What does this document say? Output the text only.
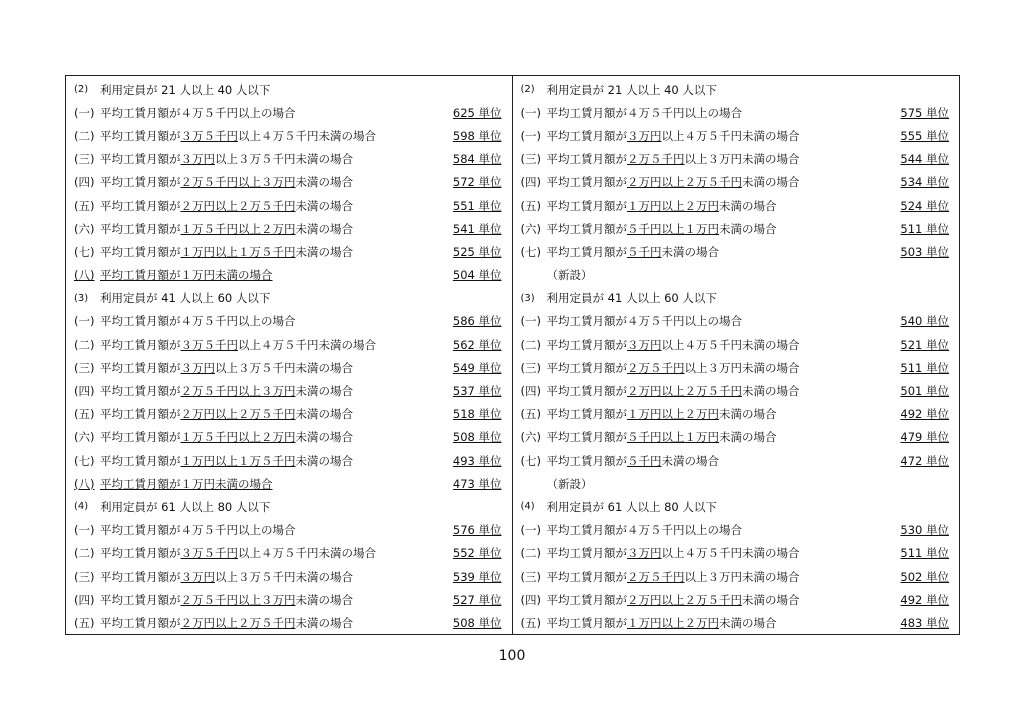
(2)	利用定員が 21 人以上 40 人以下
(一) 平均工賃月額が４万５千円以上の場合	625 単位
(二) 平均工賃月額が３万５千円以上４万５千円未満の場合	598 単位
(三) 平均工賃月額が３万円以上３万５千円未満の場合	584 単位
(四) 平均工賃月額が２万５千円以上３万円未満の場合	572 単位
(五) 平均工賃月額が２万円以上２万５千円未満の場合	551 単位
(六) 平均工賃月額が１万５千円以上２万円未満の場合	541 単位
(七) 平均工賃月額が１万円以上１万５千円未満の場合	525 単位
(八) 平均工賃月額が１万円未満の場合	504 単位
(3)	利用定員が 41 人以上 60 人以下
(一) 平均工賃月額が４万５千円以上の場合	586 単位
(二) 平均工賃月額が３万５千円以上４万５千円未満の場合	562 単位
(三) 平均工賃月額が３万円以上３万５千円未満の場合	549 単位
(四) 平均工賃月額が２万５千円以上３万円未満の場合	537 単位
(五) 平均工賃月額が２万円以上２万５千円未満の場合	518 単位
(六) 平均工賃月額が１万５千円以上２万円未満の場合	508 単位
(七) 平均工賃月額が１万円以上１万５千円未満の場合	493 単位
(八) 平均工賃月額が１万円未満の場合	473 単位
(4)	利用定員が 61 人以上 80 人以下
(一) 平均工賃月額が４万５千円以上の場合	576 単位
(二) 平均工賃月額が３万５千円以上４万５千円未満の場合	552 単位
(三) 平均工賃月額が３万円以上３万５千円未満の場合	539 単位
(四) 平均工賃月額が２万５千円以上３万円未満の場合	527 単位
(五) 平均工賃月額が２万円以上２万５千円未満の場合	508 単位
(2)	利用定員が 21 人以上 40 人以下
(一) 平均工賃月額が４万５千円以上の場合	575 単位
(一) 平均工賃月額が３万円以上４万５千円未満の場合	555 単位
(三) 平均工賃月額が２万５千円以上３万円未満の場合	544 単位
(四) 平均工賃月額が２万円以上２万５千円未満の場合	534 単位
(五) 平均工賃月額が１万円以上２万円未満の場合	524 単位
(六) 平均工賃月額が５千円以上１万円未満の場合	511 単位
(七) 平均工賃月額が５千円未満の場合	503 単位
（新設）
(3)	利用定員が 41 人以上 60 人以下
(一) 平均工賃月額が４万５千円以上の場合	540 単位
(二) 平均工賃月額が３万円以上４万５千円未満の場合	521 単位
(三) 平均工賃月額が２万５千円以上３万円未満の場合	511 単位
(四) 平均工賃月額が２万円以上２万５千円未満の場合	501 単位
(五) 平均工賃月額が１万円以上２万円未満の場合	492 単位
(六) 平均工賃月額が５千円以上１万円未満の場合	479 単位
(七) 平均工賃月額が５千円未満の場合	472 単位
（新設）
(4)	利用定員が 61 人以上 80 人以下
(一) 平均工賃月額が４万５千円以上の場合	530 単位
(二) 平均工賃月額が３万円以上４万５千円未満の場合	511 単位
(三) 平均工賃月額が２万５千円以上３万円未満の場合	502 単位
(四) 平均工賃月額が２万円以上２万５千円未満の場合	492 単位
(五) 平均工賃月額が１万円以上２万円未満の場合	483 単位
100
